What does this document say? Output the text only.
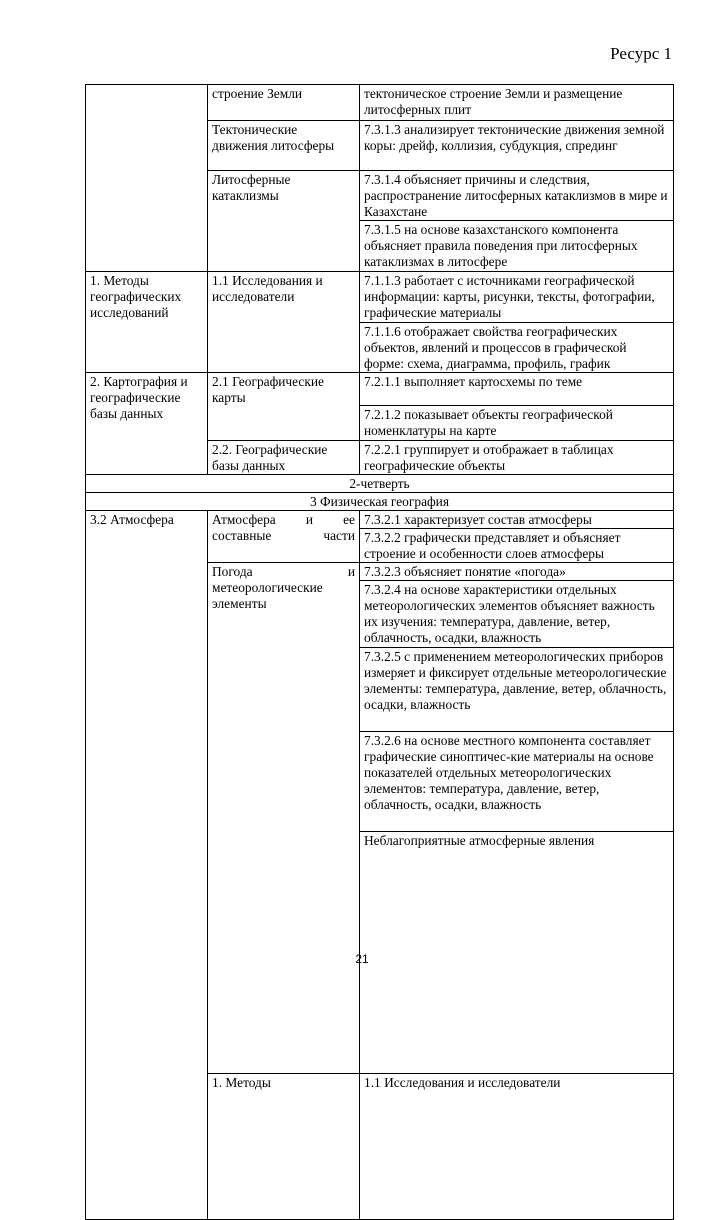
Ресурс 1
	строение Земли	тектоническое строение Земли и размещение литосферных плит	
	Тектонические движения литосферы	7.3.1.3 анализирует тектонические движения земной коры: дрейф, коллизия, субдукция, спрединг	
	Литосферные катаклизмы	7.3.1.4 объясняет причины и следствия, распространение литосферных катаклизмов в мире и Казахстане	
		7.3.1.5 на основе казахстанского компонента объясняет правила поведения при литосферных катаклизмах в литосфере	
1. Методы географических исследований	1.1 Исследования и исследователи	7.1.1.3 работает с источниками географической информации: карты, рисунки, тексты, фотографии, графические материалы	
		7.1.1.6 отображает свойства географических объектов, явлений и процессов в графической форме: схема, диаграмма, профиль, график	
2. Картография и географические базы данных	2.1 Географические карты	7.2.1.1 выполняет картосхемы по теме	
		7.2.1.2 показывает объекты географической номенклатуры на карте	
	2.2. Географические базы данных	7.2.2.1 группирует и отображает в таблицах географические объекты	
2-четверть			
3 Физическая география			
3.2 Атмосфера	Атмосфера и ее составные части	7.3.2.1 характеризует состав атмосферы	
		7.3.2.2 графически представляет и объясняет строение и особенности слоев атмосферы	

	Погода и метеорологические элементы	7.3.2.3 объясняет понятие «погода»	
		7.3.2.4 на основе характеристики отдельных метеорологических элементов объясняет важность их изучения: температура, давление, ветер, облачность, осадки, влажность	
		7.3.2.5 с применением метеорологических приборов измеряет и фиксирует отдельные метеорологические элементы: температура, давление, ветер, облачность, осадки, влажность	
		7.3.2.6 на основе местного компонента составляет графические синоптичес-кие материалы на основе показателей отдельных метеорологических элементов: температура, давление, ветер, облачность, осадки, влажность	
		Неблагоприятные атмосферные явления	
	1. Методы	1.1 Исследования и исследователи	
21
